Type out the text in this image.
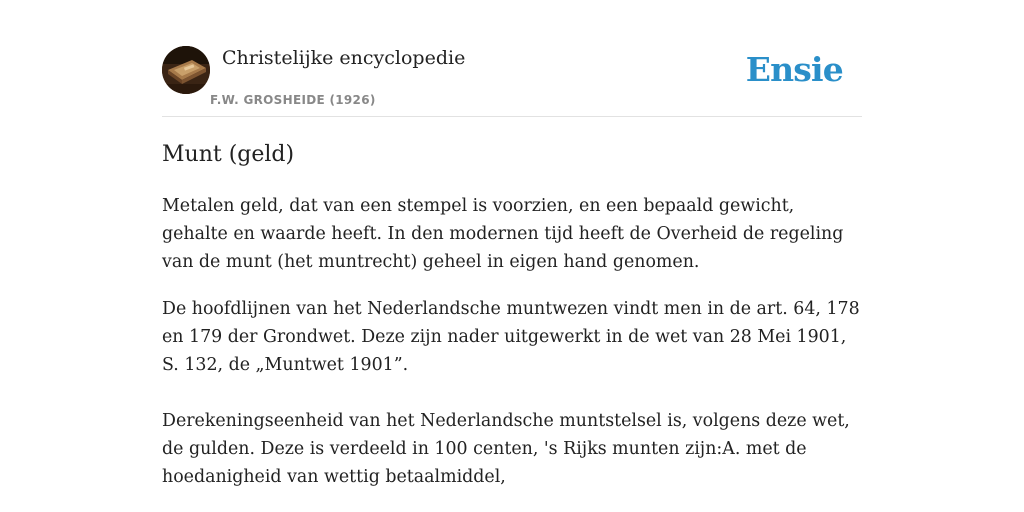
Christelijke encyclopedie
F.W. GROSHEIDE (1926)
Ensie
Munt (geld)

Metalen geld, dat van een stempel is voorzien, en een bepaald gewicht, gehalte en waarde heeft. In den modernen tijd heeft de Overheid de regeling van de munt (het muntrecht) geheel in eigen hand genomen.

De hoofdlijnen van het Nederlandsche muntwezen vindt men in de art. 64, 178 en 179 der Grondwet. Deze zijn nader uitgewerkt in de wet van 28 Mei 1901, S. 132, de „Muntwet 1901”.

Derekeningseenheid van het Nederlandsche muntstelsel is, volgens deze wet, de gulden. Deze is verdeeld in 100 centen, 's Rijks munten zijn:A. met de hoedanigheid van wettig betaalmiddel,
